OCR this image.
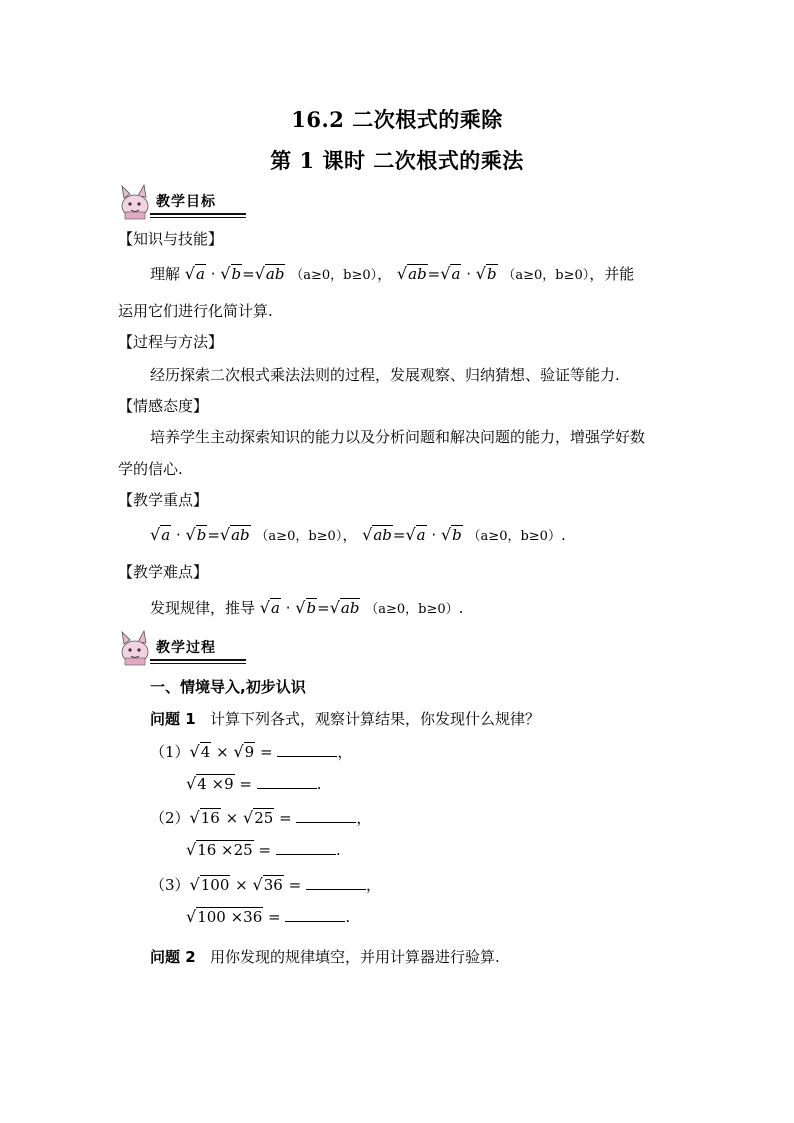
16.2 二次根式的乘除
第 1 课时 二次根式的乘法
教学目标
【知识与技能】
理解 √a · √b=√ab （a≥0，b≥0）， √ab=√a · √b （a≥0，b≥0），并能
运用它们进行化简计算.
【过程与方法】
经历探索二次根式乘法法则的过程，发展观察、归纳猜想、验证等能力.
【情感态度】
培养学生主动探索知识的能力以及分析问题和解决问题的能力，增强学好数
学的信心.
【教学重点】
√a · √b=√ab （a≥0，b≥0）， √ab=√a · √b （a≥0，b≥0）.
【教学难点】
发现规律，推导 √a · √b=√ab （a≥0，b≥0）.
教学过程
一、情境导入,初步认识
问题 1 计算下列各式，观察计算结果，你发现什么规律？
（1）√4 × √9 =	，
√4 ×9 =	.
（2）√16 × √25 =	，
√16 ×25 =	.
（3）√100 × √36 =	，
√100 ×36 =	.
问题 2 用你发现的规律填空，并用计算器进行验算.
